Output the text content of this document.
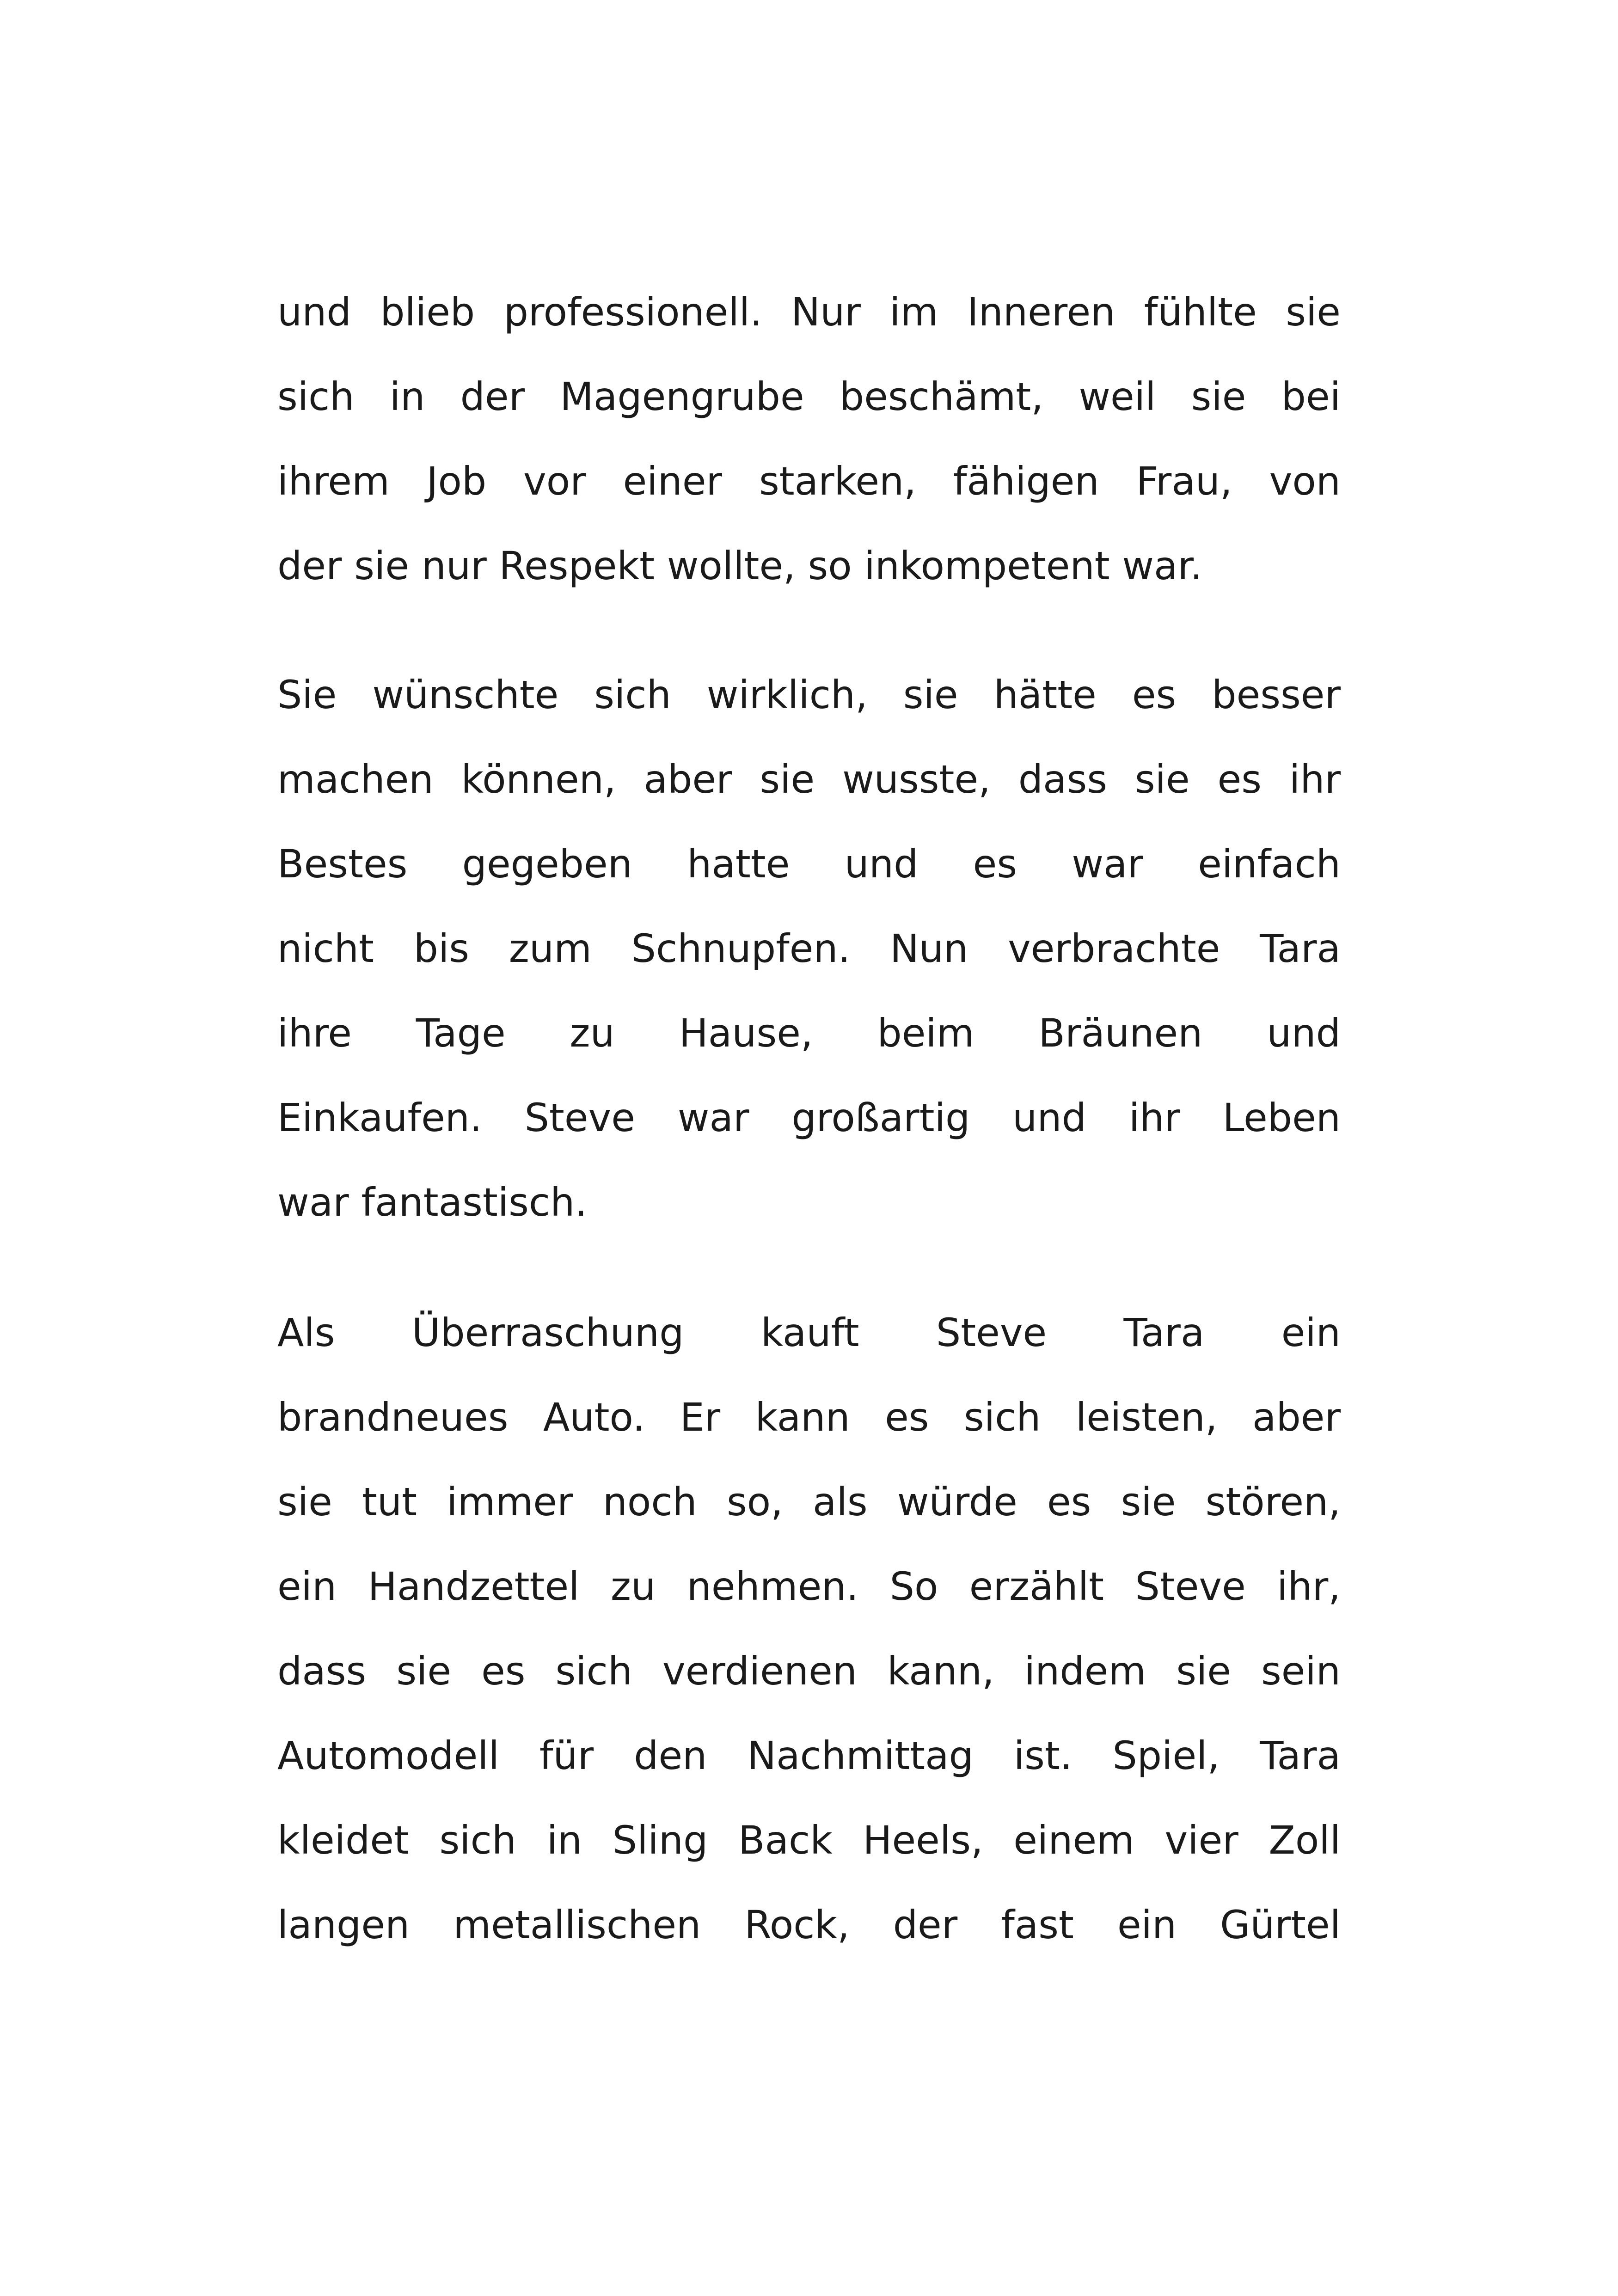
und blieb professionell. Nur im Inneren fühlte sie
sich in der Magengrube beschämt, weil sie bei
ihrem Job vor einer starken, fähigen Frau, von
der sie nur Respekt wollte, so inkompetent war.
Sie wünschte sich wirklich, sie hätte es besser
machen können, aber sie wusste, dass sie es ihr
Bestes gegeben hatte und es war einfach
nicht bis zum Schnupfen. Nun verbrachte Tara
ihre Tage zu Hause, beim Bräunen und
Einkaufen. Steve war großartig und ihr Leben
war fantastisch.
Als Überraschung kauft Steve Tara ein
brandneues Auto. Er kann es sich leisten, aber
sie tut immer noch so, als würde es sie stören,
ein Handzettel zu nehmen. So erzählt Steve ihr,
dass sie es sich verdienen kann, indem sie sein
Automodell für den Nachmittag ist. Spiel, Tara
kleidet sich in Sling Back Heels, einem vier Zoll
langen metallischen Rock, der fast ein Gürtel
